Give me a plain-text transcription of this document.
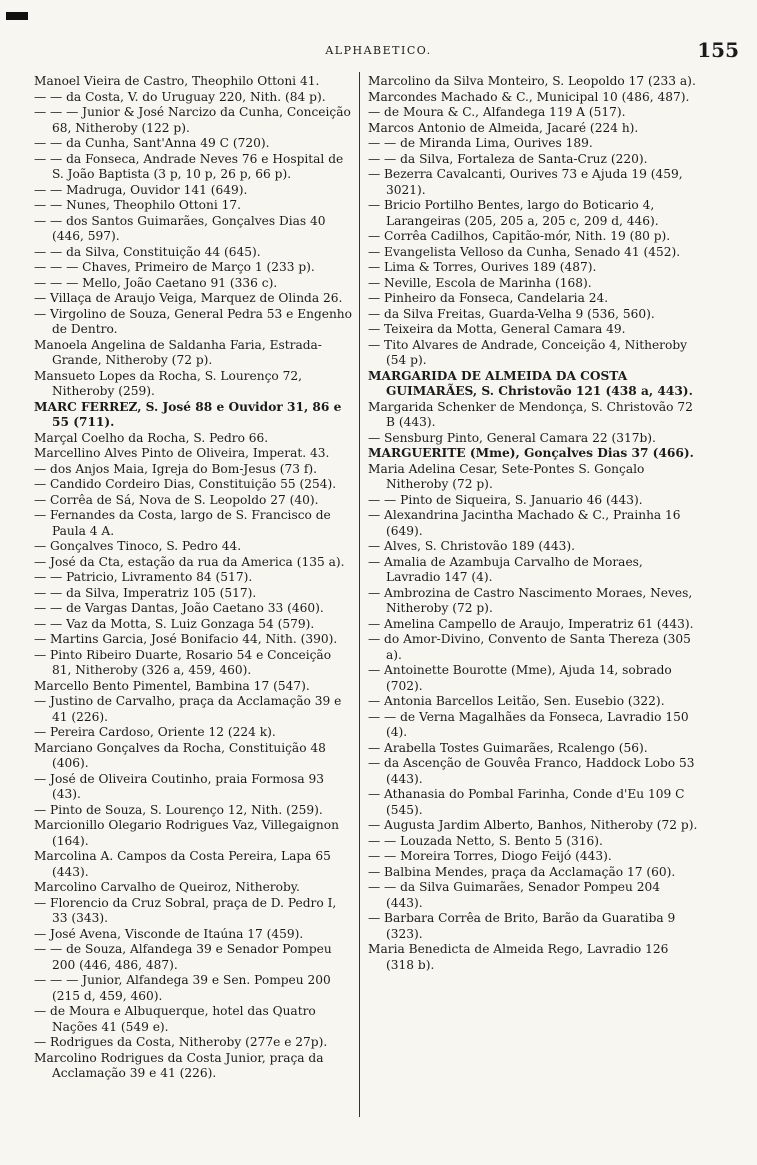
ALPHABETICO.	155
Manoel Vieira de Castro, Theophilo Ottoni 41.
— — da Costa, V. do Uruguay 220, Nith. (84 p).
— — — Junior & José Narcizo da Cunha, Conceição 68, Nitheroby (122 p).
— — da Cunha, Sant'Anna 49 C (720).
— — da Fonseca, Andrade Neves 76 e Hospital de S. João Baptista (3 p, 10 p, 26 p, 66 p).
— — Madruga, Ouvidor 141 (649).
— — Nunes, Theophilo Ottoni 17.
— — dos Santos Guimarães, Gonçalves Dias 40 (446, 597).
— — da Silva, Constituição 44 (645).
— — — Chaves, Primeiro de Março 1 (233 p).
— — — Mello, João Caetano 91 (336 c).
— Villaça de Araujo Veiga, Marquez de Olinda 26.
— Virgolino de Souza, General Pedra 53 e Engenho de Dentro.
Manoela Angelina de Saldanha Faria, Estrada-Grande, Nitheroby (72 p).
Mansueto Lopes da Rocha, S. Lourenço 72, Nitheroby (259).
MARC FERREZ, S. José 88 e Ouvidor 31, 86 e 55 (711).
Marçal Coelho da Rocha, S. Pedro 66.
Marcellino Alves Pinto de Oliveira, Imperat. 43.
— dos Anjos Maia, Igreja do Bom-Jesus (73 f).
— Candido Cordeiro Dias, Constituição 55 (254).
— Corrêa de Sá, Nova de S. Leopoldo 27 (40).
— Fernandes da Costa, largo de S. Francisco de Paula 4 A.
— Gonçalves Tinoco, S. Pedro 44.
— José da Cta, estação da rua da America (135 a).
— — Patricio, Livramento 84 (517).
— — da Silva, Imperatriz 105 (517).
— — de Vargas Dantas, João Caetano 33 (460).
— — Vaz da Motta, S. Luiz Gonzaga 54 (579).
— Martins Garcia, José Bonifacio 44, Nith. (390).
— Pinto Ribeiro Duarte, Rosario 54 e Conceição 81, Nitheroby (326 a, 459, 460).
Marcello Bento Pimentel, Bambina 17 (547).
— Justino de Carvalho, praça da Acclamação 39 e 41 (226).
— Pereira Cardoso, Oriente 12 (224 k).
Marciano Gonçalves da Rocha, Constituição 48 (406).
— José de Oliveira Coutinho, praia Formosa 93 (43).
— Pinto de Souza, S. Lourenço 12, Nith. (259).
Marcionillo Olegario Rodrigues Vaz, Villegaignon (164).
Marcolina A. Campos da Costa Pereira, Lapa 65 (443).
Marcolino Carvalho de Queiroz, Nitheroby.
— Florencio da Cruz Sobral, praça de D. Pedro I, 33 (343).
— José Avena, Visconde de Itaúna 17 (459).
— — de Souza, Alfandega 39 e Senador Pompeu 200 (446, 486, 487).
— — — Junior, Alfandega 39 e Sen. Pompeu 200 (215 d, 459, 460).
— de Moura e Albuquerque, hotel das Quatro Nações 41 (549 e).
— Rodrigues da Costa, Nitheroby (277e e 27p).
Marcolino Rodrigues da Costa Junior, praça da Acclamação 39 e 41 (226).
Marcolino da Silva Monteiro, S. Leopoldo 17 (233 a).
Marcondes Machado & C., Municipal 10 (486, 487).
— de Moura & C., Alfandega 119 A (517).
Marcos Antonio de Almeida, Jacaré (224 h).
— — de Miranda Lima, Ourives 189.
— — da Silva, Fortaleza de Santa-Cruz (220).
— Bezerra Cavalcanti, Ourives 73 e Ajuda 19 (459, 3021).
— Bricio Portilho Bentes, largo do Boticario 4, Larangeiras (205, 205 a, 205 c, 209 d, 446).
— Corrêa Cadilhos, Capitão-mór, Nith. 19 (80 p).
— Evangelista Velloso da Cunha, Senado 41 (452).
— Lima & Torres, Ourives 189 (487).
— Neville, Escola de Marinha (168).
— Pinheiro da Fonseca, Candelaria 24.
— da Silva Freitas, Guarda-Velha 9 (536, 560).
— Teixeira da Motta, General Camara 49.
— Tito Alvares de Andrade, Conceição 4, Nitheroby (54 p).
MARGARIDA DE ALMEIDA DA COSTA GUIMARÃES, S. Christovão 121 (438 a, 443).
Margarida Schenker de Mendonça, S. Christovão 72 B (443).
— Sensburg Pinto, General Camara 22 (317b).
MARGUERITE (Mme), Gonçalves Dias 37 (466).
Maria Adelina Cesar, Sete-Pontes S. Gonçalo Nitheroby (72 p).
— — Pinto de Siqueira, S. Januario 46 (443).
— Alexandrina Jacintha Machado & C., Prainha 16 (649).
— Alves, S. Christovão 189 (443).
— Amalia de Azambuja Carvalho de Moraes, Lavradio 147 (4).
— Ambrozina de Castro Nascimento Moraes, Neves, Nitheroby (72 p).
— Amelina Campello de Araujo, Imperatriz 61 (443).
— do Amor-Divino, Convento de Santa Thereza (305 a).
— Antoinette Bourotte (Mme), Ajuda 14, sobrado (702).
— Antonia Barcellos Leitão, Sen. Eusebio (322).
— — de Verna Magalhães da Fonseca, Lavradio 150 (4).
— Arabella Tostes Guimarães, Rcalengo (56).
— da Ascenção de Gouvêa Franco, Haddock Lobo 53 (443).
— Athanasia do Pombal Farinha, Conde d'Eu 109 C (545).
— Augusta Jardim Alberto, Banhos, Nitheroby (72 p).
— — Louzada Netto, S. Bento 5 (316).
— — Moreira Torres, Diogo Feijó (443).
— Balbina Mendes, praça da Acclamação 17 (60).
— — da Silva Guimarães, Senador Pompeu 204 (443).
— Barbara Corrêa de Brito, Barão da Guaratiba 9 (323).
Maria Benedicta de Almeida Rego, Lavradio 126 (318 b).
